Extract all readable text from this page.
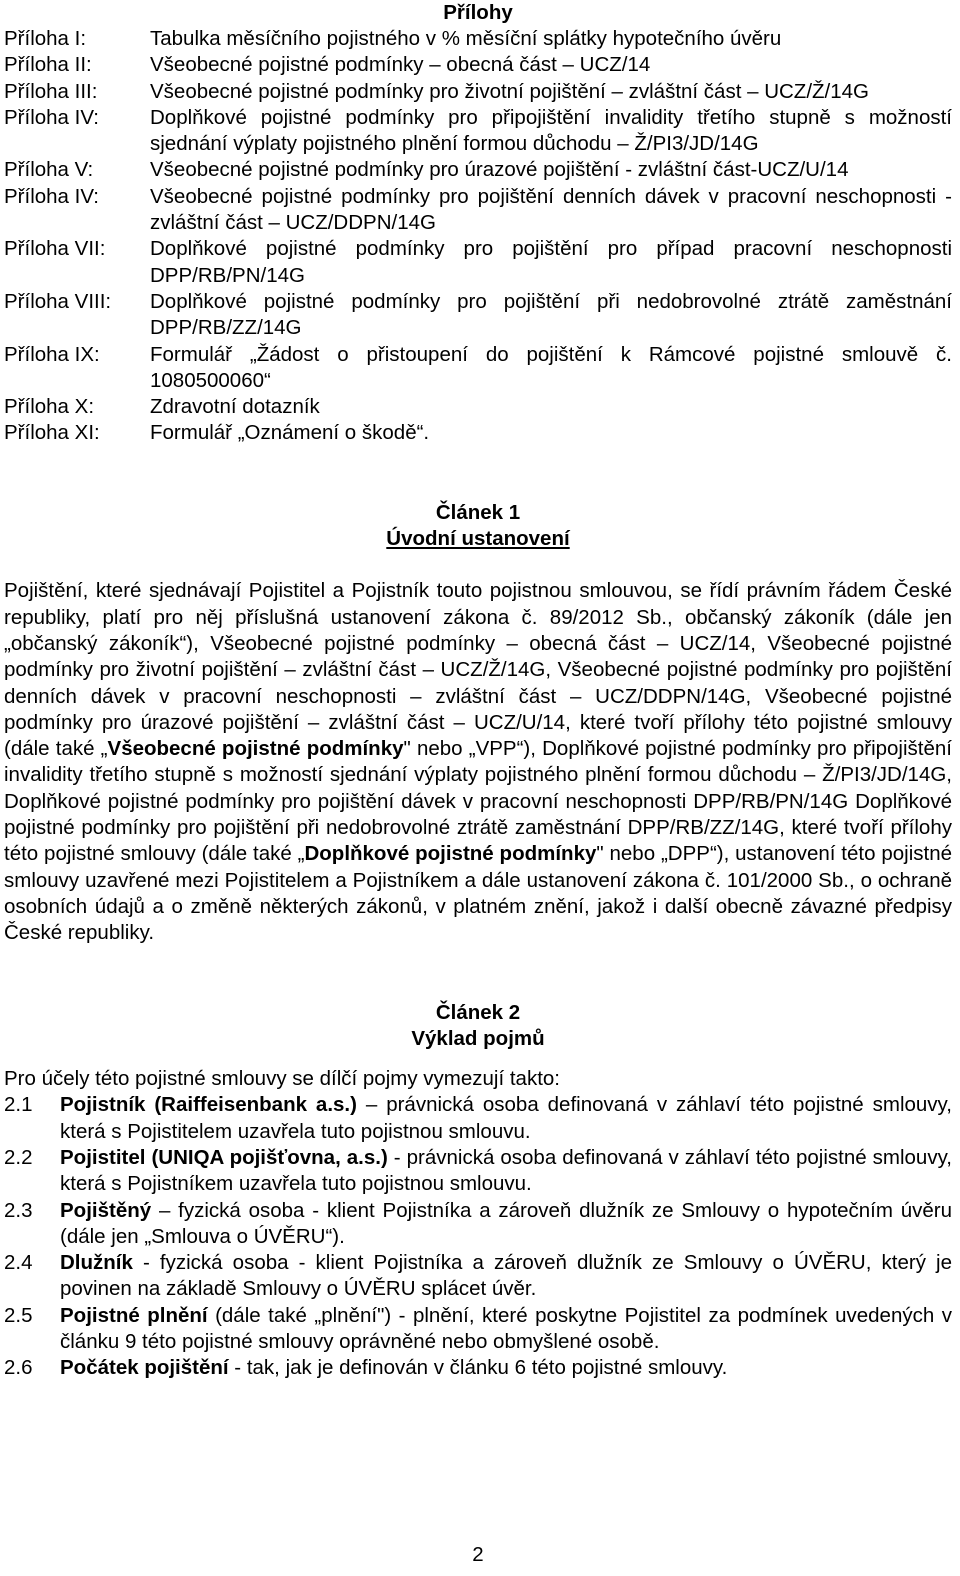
Přílohy
Příloha I:	Tabulka měsíčního pojistného v % měsíční splátky hypotečního úvěru
Příloha II:	Všeobecné pojistné podmínky – obecná část – UCZ/14
Příloha III:	Všeobecné pojistné podmínky pro životní pojištění – zvláštní část – UCZ/Ž/14G
Příloha IV:	Doplňkové pojistné podmínky pro připojištění invalidity třetího stupně s možností sjednání výplaty pojistného plnění formou důchodu – Ž/PI3/JD/14G
Příloha V:	Všeobecné pojistné podmínky pro úrazové pojištění - zvláštní část-UCZ/U/14
Příloha IV:	Všeobecné pojistné podmínky pro pojištění denních dávek v pracovní neschopnosti - zvláštní část – UCZ/DDPN/14G
Příloha VII:	Doplňkové pojistné podmínky pro pojištění pro případ pracovní neschopnosti DPP/RB/PN/14G
Příloha VIII:	Doplňkové pojistné podmínky pro pojištění při nedobrovolné ztrátě zaměstnání DPP/RB/ZZ/14G
Příloha IX:	Formulář „Žádost o přistoupení do pojištění k Rámcové pojistné smlouvě č. 1080500060“
Příloha X:	Zdravotní dotazník
Příloha XI:	Formulář „Oznámení o škodě“.
Článek 1
Úvodní ustanovení

Pojištění, které sjednávají Pojistitel a Pojistník touto pojistnou smlouvou, se řídí právním řádem České republiky, platí pro něj příslušná ustanovení zákona č. 89/2012 Sb., občanský zákoník (dále jen „občanský zákoník“), Všeobecné pojistné podmínky – obecná část – UCZ/14, Všeobecné pojistné podmínky pro životní pojištění – zvláštní část – UCZ/Ž/14G, Všeobecné pojistné podmínky pro pojištění denních dávek v pracovní neschopnosti – zvláštní část – UCZ/DDPN/14G, Všeobecné pojistné podmínky pro úrazové pojištění – zvláštní část – UCZ/U/14, které tvoří přílohy této pojistné smlouvy (dále také „Všeobecné pojistné podmínky" nebo „VPP“), Doplňkové pojistné podmínky pro připojištění invalidity třetího stupně s možností sjednání výplaty pojistného plnění formou důchodu – Ž/PI3/JD/14G, Doplňkové pojistné podmínky pro pojištění dávek v pracovní neschopnosti DPP/RB/PN/14G Doplňkové pojistné podmínky pro pojištění při nedobrovolné ztrátě zaměstnání DPP/RB/ZZ/14G, které tvoří přílohy této pojistné smlouvy (dále také „Doplňkové pojistné podmínky" nebo „DPP“), ustanovení této pojistné smlouvy uzavřené mezi Pojistitelem a Pojistníkem a dále ustanovení zákona č. 101/2000 Sb., o ochraně osobních údajů a o změně některých zákonů, v platném znění, jakož i další obecně závazné předpisy České republiky.

Článek 2
Výklad pojmů

Pro účely této pojistné smlouvy se dílčí pojmy vymezují takto:

2.1	Pojistník (Raiffeisenbank a.s.) – právnická osoba definovaná v záhlaví této pojistné smlouvy, která s Pojistitelem uzavřela tuto pojistnou smlouvu.
2.2	Pojistitel (UNIQA pojišťovna, a.s.) - právnická osoba definovaná v záhlaví této pojistné smlouvy, která s Pojistníkem uzavřela tuto pojistnou smlouvu.
2.3	Pojištěný – fyzická osoba - klient Pojistníka a zároveň dlužník ze Smlouvy o hypotečním úvěru (dále jen „Smlouva o ÚVĚRU“).
2.4	Dlužník - fyzická osoba - klient Pojistníka a zároveň dlužník ze Smlouvy o ÚVĚRU, který je povinen na základě Smlouvy o ÚVĚRU splácet úvěr.
2.5	Pojistné plnění (dále také „plnění") - plnění, které poskytne Pojistitel za podmínek uvedených v článku 9 této pojistné smlouvy oprávněné nebo obmyšlené osobě.
2.6	Počátek pojištění - tak, jak je definován v článku 6 této pojistné smlouvy.
2
